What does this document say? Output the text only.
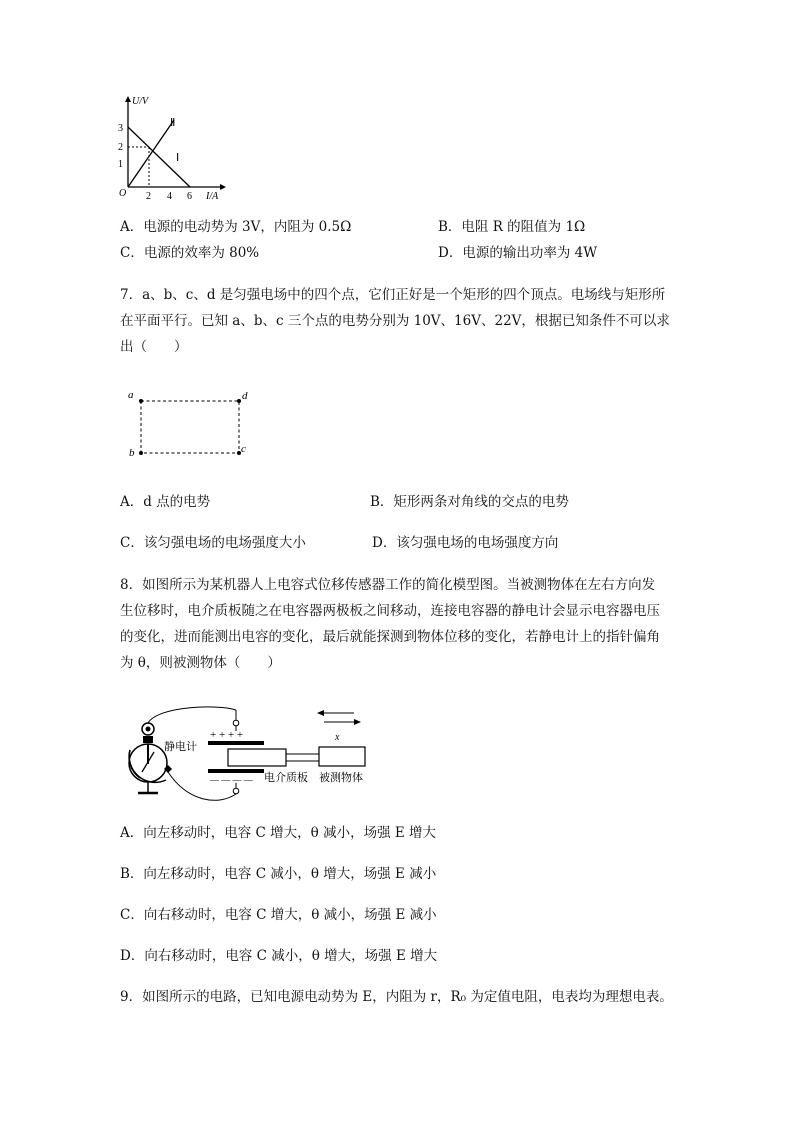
U/V
I/A
O
3
2
1
2 4 6
Ⅰ
Ⅱ
A．电源的电动势为 3V，内阻为 0.5Ω	B．电阻 R 的阻值为 1Ω
C．电源的效率为 80%	D．电源的输出功率为 4W
7．a、b、c、d 是匀强电场中的四个点，它们正好是一个矩形的四个顶点。电场线与矩形所
在平面平行。已知 a、b、c 三个点的电势分别为 10V、16V、22V，根据已知条件不可以求
出（　　）
a	d
b	c
A．d 点的电势	B．矩形两条对角线的交点的电势
C．该匀强电场的电场强度大小	D．该匀强电场的电场强度方向
8．如图所示为某机器人上电容式位移传感器工作的简化模型图。当被测物体在左右方向发
生位移时，电介质板随之在电容器两极板之间移动，连接电容器的静电计会显示电容器电压
的变化，进而能测出电容的变化，最后就能探测到物体位移的变化，若静电计上的指针偏角
为 θ，则被测物体（　　）
+ + + +	x
— — — —
静电计
电介质板 被测物体
A．向左移动时，电容 C 增大，θ 减小，场强 E 增大
B．向左移动时，电容 C 减小，θ 增大，场强 E 减小
C．向右移动时，电容 C 增大，θ 减小，场强 E 减小
D．向右移动时，电容 C 减小，θ 增大，场强 E 增大
9．如图所示的电路，已知电源电动势为 E，内阻为 r，R₀ 为定值电阻，电表均为理想电表。
